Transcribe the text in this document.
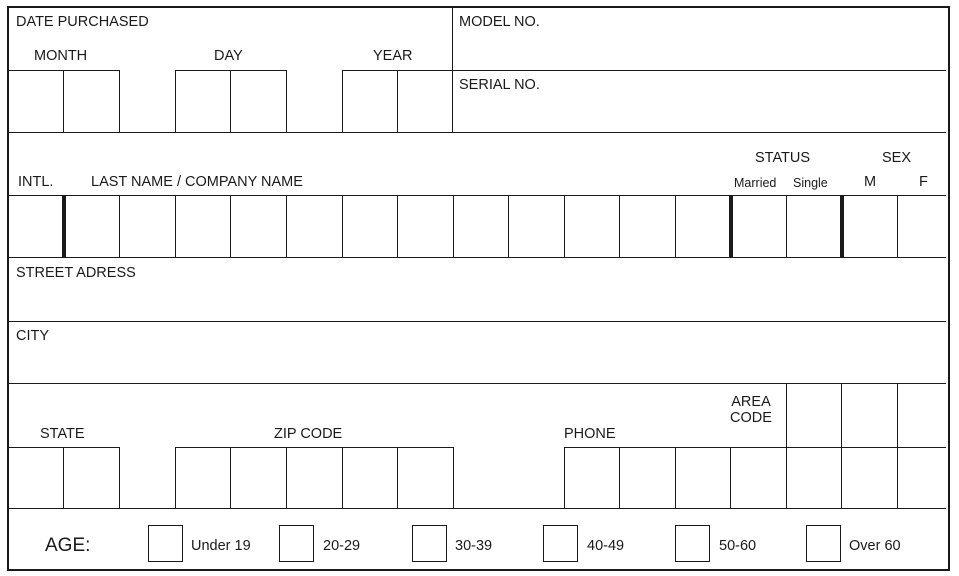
DATE PURCHASED
MONTH	DAY	YEAR
MODEL NO.
SERIAL NO.
INTL.	LAST NAME / COMPANY NAME
STATUS
Married Single
SEX
M	F
STREET ADRESS
CITY
STATE	ZIP CODE	PHONE
AREA CODE
AGE:	Under 19	20-29	30-39	40-49	50-60	Over 60
